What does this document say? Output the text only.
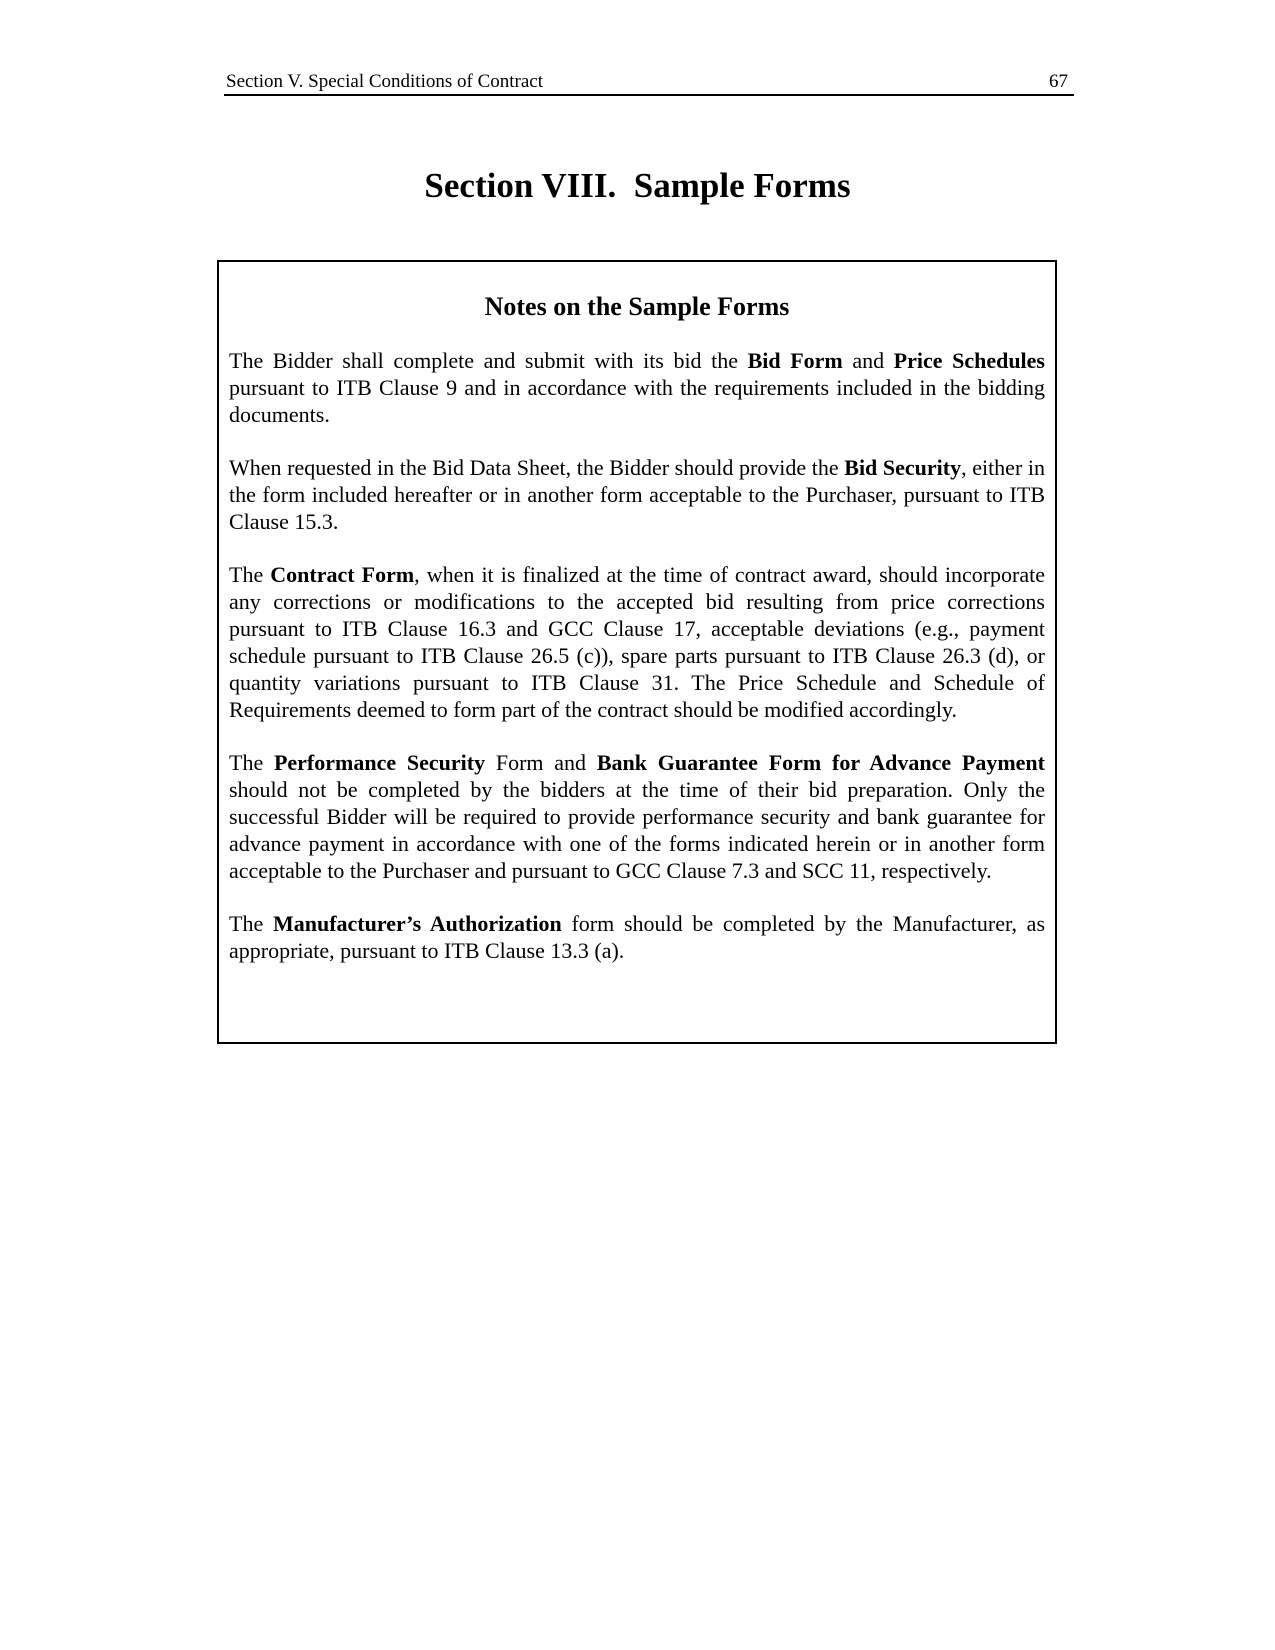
Section V. Special Conditions of Contract	67
Section VIII.  Sample Forms
Notes on the Sample Forms

The Bidder shall complete and submit with its bid the Bid Form and Price Schedules pursuant to ITB Clause 9 and in accordance with the requirements included in the bidding documents.

When requested in the Bid Data Sheet, the Bidder should provide the Bid Security, either in the form included hereafter or in another form acceptable to the Purchaser, pursuant to ITB Clause 15.3.

The Contract Form, when it is finalized at the time of contract award, should incorporate any corrections or modifications to the accepted bid resulting from price corrections pursuant to ITB Clause 16.3 and GCC Clause 17, acceptable deviations (e.g., payment schedule pursuant to ITB Clause 26.5 (c)), spare parts pursuant to ITB Clause 26.3 (d), or quantity variations pursuant to ITB Clause 31. The Price Schedule and Schedule of Requirements deemed to form part of the contract should be modified accordingly.

The Performance Security Form and Bank Guarantee Form for Advance Payment should not be completed by the bidders at the time of their bid preparation. Only the successful Bidder will be required to provide performance security and bank guarantee for advance payment in accordance with one of the forms indicated herein or in another form acceptable to the Purchaser and pursuant to GCC Clause 7.3 and SCC 11, respectively.

The Manufacturer’s Authorization form should be completed by the Manufacturer, as appropriate, pursuant to ITB Clause 13.3 (a).
